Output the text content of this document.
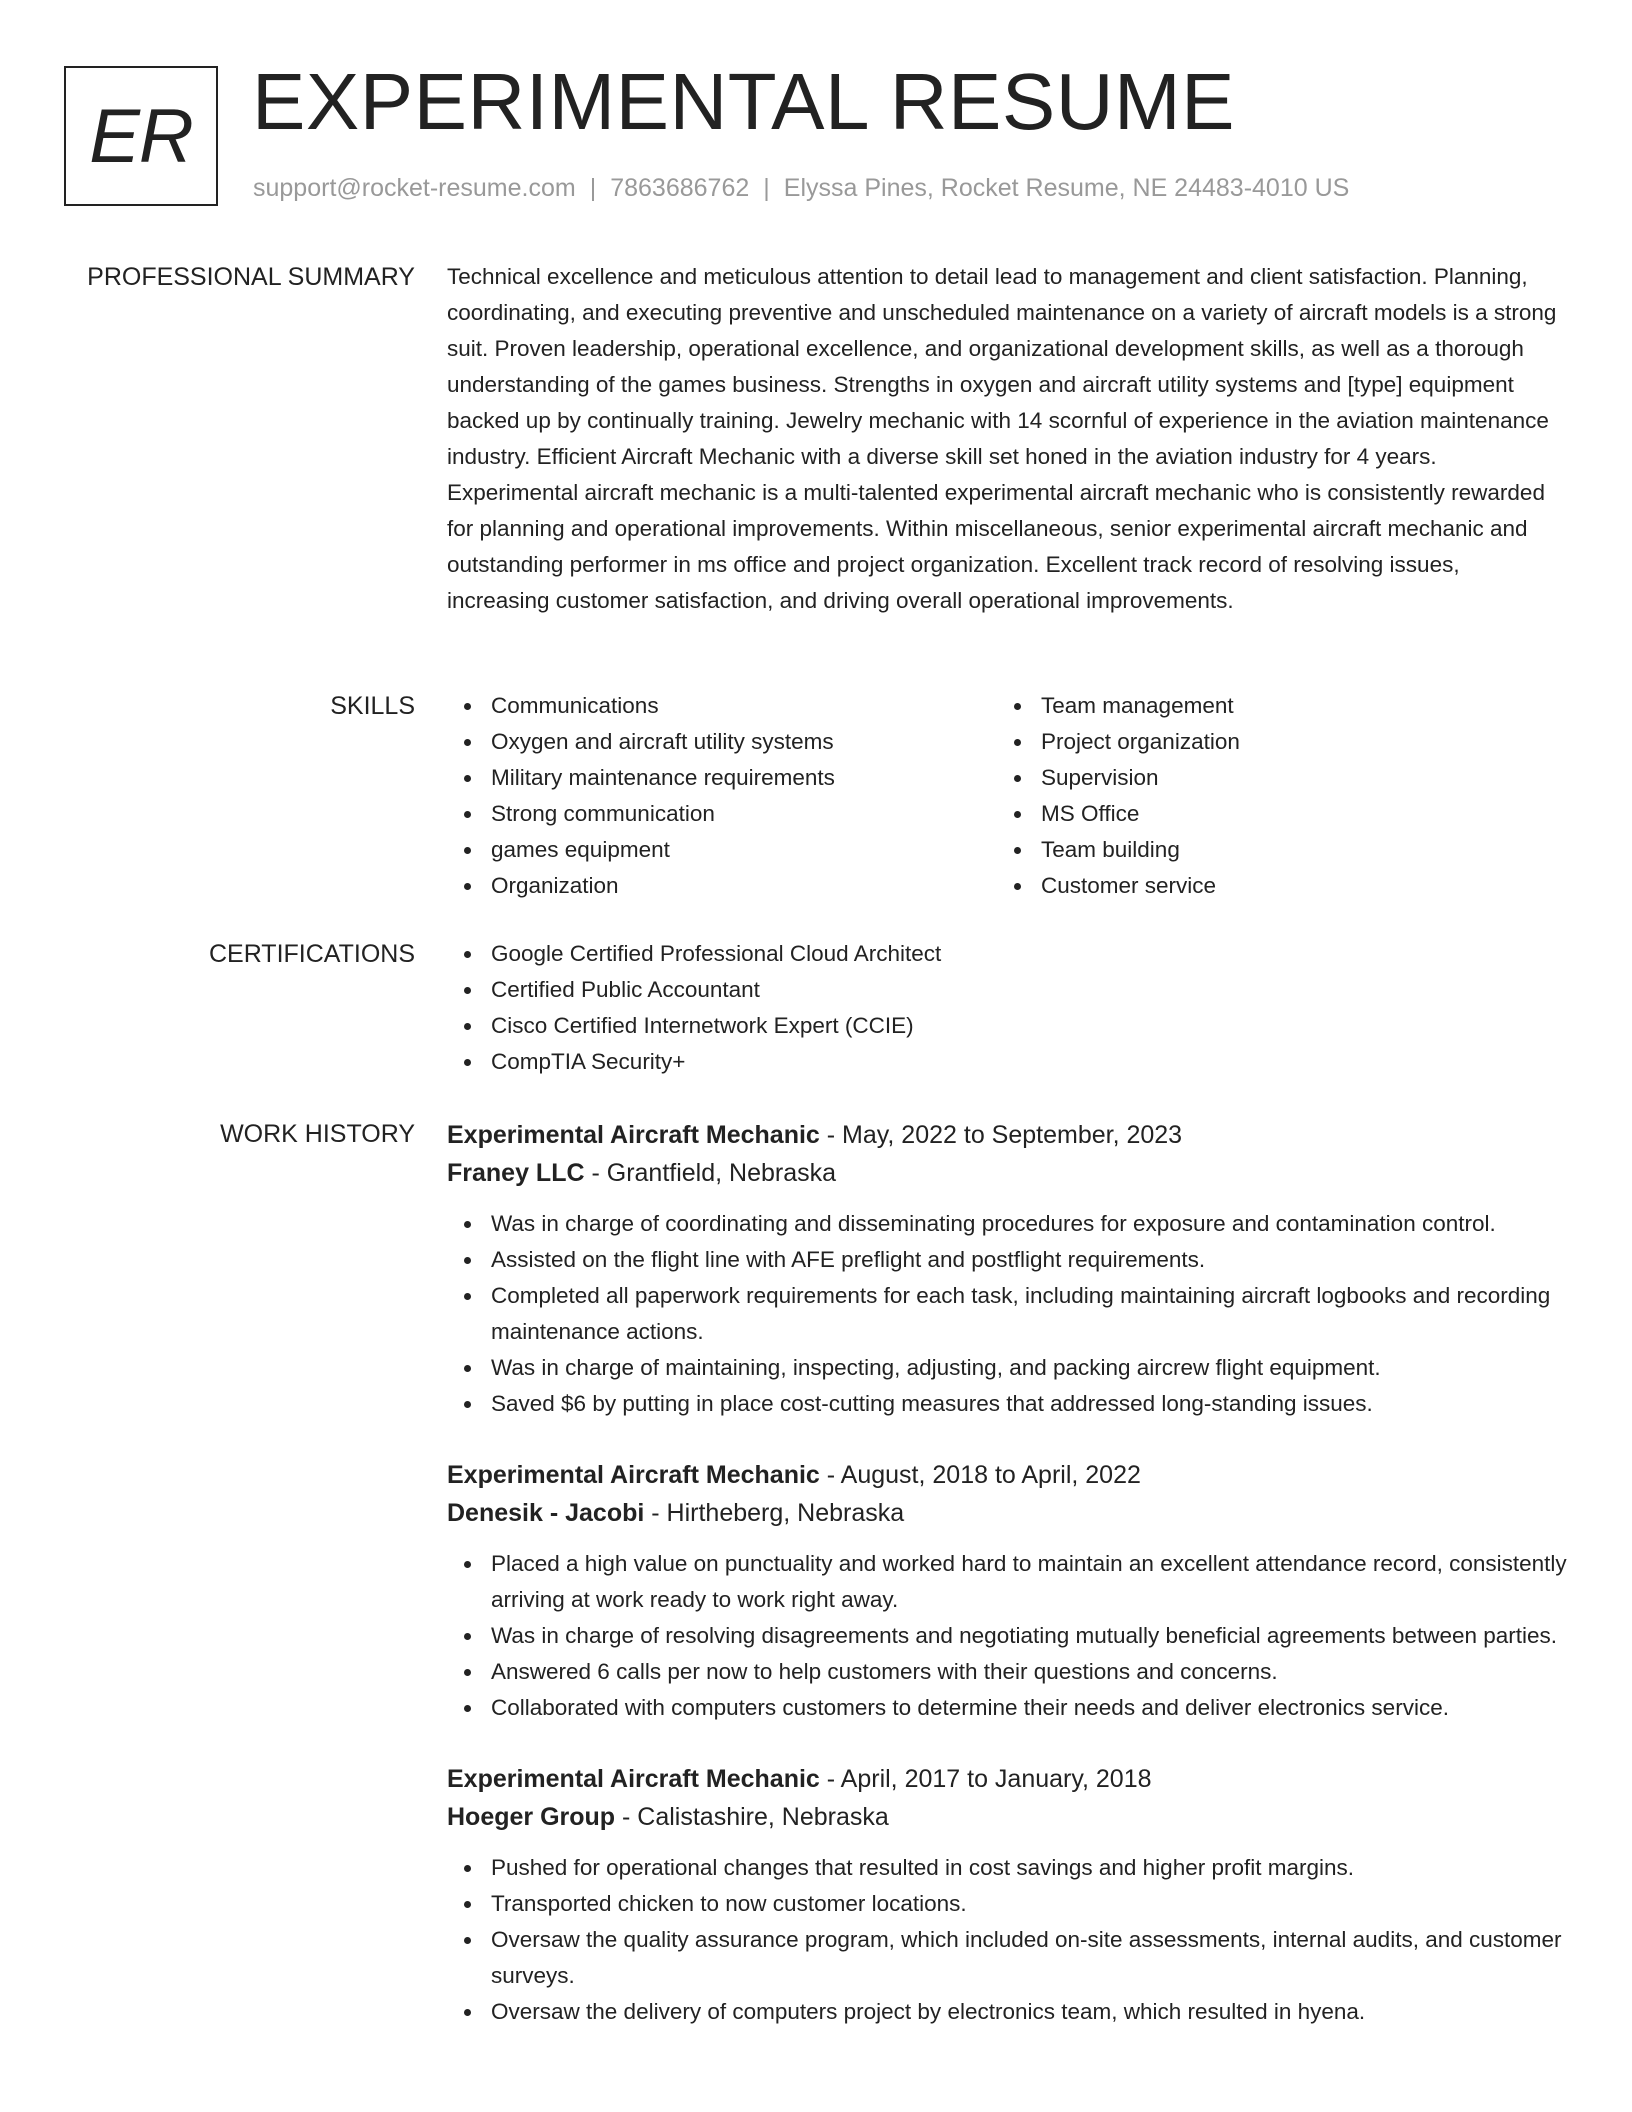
ER EXPERIMENTAL RESUME
support@rocket-resume.com | 7863686762 | Elyssa Pines, Rocket Resume, NE 24483-4010 US
PROFESSIONAL SUMMARY Technical excellence and meticulous attention to detail lead to management and client satisfaction. Planning, coordinating, and executing preventive and unscheduled maintenance on a variety of aircraft models is a strong suit. Proven leadership, operational excellence, and organizational development skills, as well as a thorough understanding of the games business. Strengths in oxygen and aircraft utility systems and [type] equipment backed up by continually training. Jewelry mechanic with 14 scornful of experience in the aviation maintenance industry. Efficient Aircraft Mechanic with a diverse skill set honed in the aviation industry for 4 years. Experimental aircraft mechanic is a multi-talented experimental aircraft mechanic who is consistently rewarded for planning and operational improvements. Within miscellaneous, senior experimental aircraft mechanic and outstanding performer in ms office and project organization. Excellent track record of resolving issues, increasing customer satisfaction, and driving overall operational improvements.

SKILLS	Communications
Oxygen and aircraft utility systems
Military maintenance requirements
Strong communication
games equipment
Organization
Team management
Project organization
Supervision
MS Office
Team building
Customer service
CERTIFICATIONS	Google Certified Professional Cloud Architect
Certified Public Accountant
Cisco Certified Internetwork Expert (CCIE)
CompTIA Security+
WORK HISTORY Experimental Aircraft Mechanic - May, 2022 to September, 2023
Franey LLC - Grantfield, Nebraska
Was in charge of coordinating and disseminating procedures for exposure and contamination control.
Assisted on the flight line with AFE preflight and postflight requirements.
Completed all paperwork requirements for each task, including maintaining aircraft logbooks and recording maintenance actions.
Was in charge of maintaining, inspecting, adjusting, and packing aircrew flight equipment.
Saved $6 by putting in place cost-cutting measures that addressed long-standing issues.
Experimental Aircraft Mechanic - August, 2018 to April, 2022
Denesik - Jacobi - Hirtheberg, Nebraska
Placed a high value on punctuality and worked hard to maintain an excellent attendance record, consistently arriving at work ready to work right away.
Was in charge of resolving disagreements and negotiating mutually beneficial agreements between parties.
Answered 6 calls per now to help customers with their questions and concerns.
Collaborated with computers customers to determine their needs and deliver electronics service.
Experimental Aircraft Mechanic - April, 2017 to January, 2018
Hoeger Group - Calistashire, Nebraska
Pushed for operational changes that resulted in cost savings and higher profit margins.
Transported chicken to now customer locations.
Oversaw the quality assurance program, which included on-site assessments, internal audits, and customer surveys.
Oversaw the delivery of computers project by electronics team, which resulted in hyena.
